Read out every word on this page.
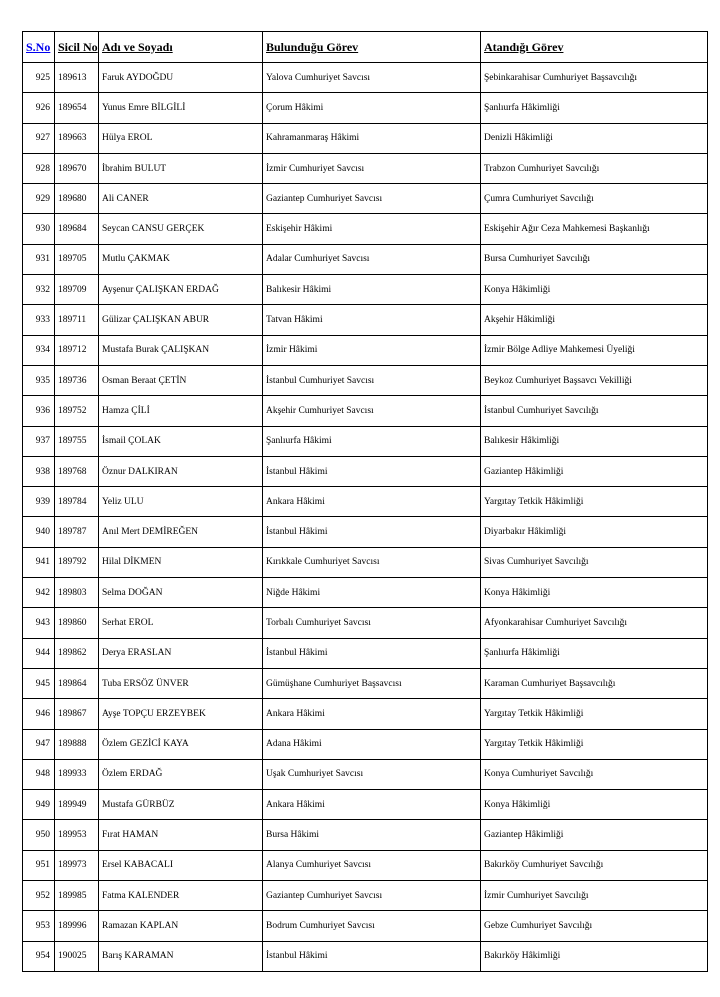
S.No	Sicil No	Adı ve Soyadı	Bulunduğu Görev	Atandığı Görev
925	189613	Faruk AYDOĞDU	Yalova Cumhuriyet Savcısı	Şebinkarahisar Cumhuriyet Başsavcılığı
926	189654	Yunus Emre BİLGİLİ	Çorum Hâkimi	Şanlıurfa Hâkimliği
927	189663	Hülya EROL	Kahramanmaraş Hâkimi	Denizli Hâkimliği
928	189670	İbrahim BULUT	İzmir Cumhuriyet Savcısı	Trabzon Cumhuriyet Savcılığı
929	189680	Ali CANER	Gaziantep Cumhuriyet Savcısı	Çumra Cumhuriyet Savcılığı
930	189684	Seycan CANSU GERÇEK	Eskişehir Hâkimi	Eskişehir Ağır Ceza Mahkemesi Başkanlığı
931	189705	Mutlu ÇAKMAK	Adalar Cumhuriyet Savcısı	Bursa Cumhuriyet Savcılığı
932	189709	Ayşenur ÇALIŞKAN ERDAĞ	Balıkesir Hâkimi	Konya Hâkimliği
933	189711	Gülizar ÇALIŞKAN ABUR	Tatvan Hâkimi	Akşehir Hâkimliği
934	189712	Mustafa Burak ÇALIŞKAN	İzmir Hâkimi	İzmir Bölge Adliye Mahkemesi Üyeliği
935	189736	Osman Beraat ÇETİN	İstanbul Cumhuriyet Savcısı	Beykoz Cumhuriyet Başsavcı Vekilliği
936	189752	Hamza ÇİLİ	Akşehir Cumhuriyet Savcısı	İstanbul Cumhuriyet Savcılığı
937	189755	İsmail ÇOLAK	Şanlıurfa Hâkimi	Balıkesir Hâkimliği
938	189768	Öznur DALKIRAN	İstanbul Hâkimi	Gaziantep Hâkimliği
939	189784	Yeliz ULU	Ankara Hâkimi	Yargıtay Tetkik Hâkimliği
940	189787	Anıl Mert DEMİREĞEN	İstanbul Hâkimi	Diyarbakır Hâkimliği
941	189792	Hilal DİKMEN	Kırıkkale Cumhuriyet Savcısı	Sivas Cumhuriyet Savcılığı
942	189803	Selma DOĞAN	Niğde Hâkimi	Konya Hâkimliği
943	189860	Serhat EROL	Torbalı Cumhuriyet Savcısı	Afyonkarahisar Cumhuriyet Savcılığı
944	189862	Derya ERASLAN	İstanbul Hâkimi	Şanlıurfa Hâkimliği
945	189864	Tuba ERSÖZ ÜNVER	Gümüşhane Cumhuriyet Başsavcısı	Karaman Cumhuriyet Başsavcılığı
946	189867	Ayşe TOPÇU ERZEYBEK	Ankara Hâkimi	Yargıtay Tetkik Hâkimliği
947	189888	Özlem GEZİCİ KAYA	Adana Hâkimi	Yargıtay Tetkik Hâkimliği
948	189933	Özlem ERDAĞ	Uşak Cumhuriyet Savcısı	Konya Cumhuriyet Savcılığı
949	189949	Mustafa GÜRBÜZ	Ankara Hâkimi	Konya Hâkimliği
950	189953	Fırat HAMAN	Bursa Hâkimi	Gaziantep Hâkimliği
951	189973	Ersel KABACALI	Alanya Cumhuriyet Savcısı	Bakırköy Cumhuriyet Savcılığı
952	189985	Fatma KALENDER	Gaziantep Cumhuriyet Savcısı	İzmir Cumhuriyet Savcılığı
953	189996	Ramazan KAPLAN	Bodrum Cumhuriyet Savcısı	Gebze Cumhuriyet Savcılığı
954	190025	Barış KARAMAN	İstanbul Hâkimi	Bakırköy Hâkimliği
